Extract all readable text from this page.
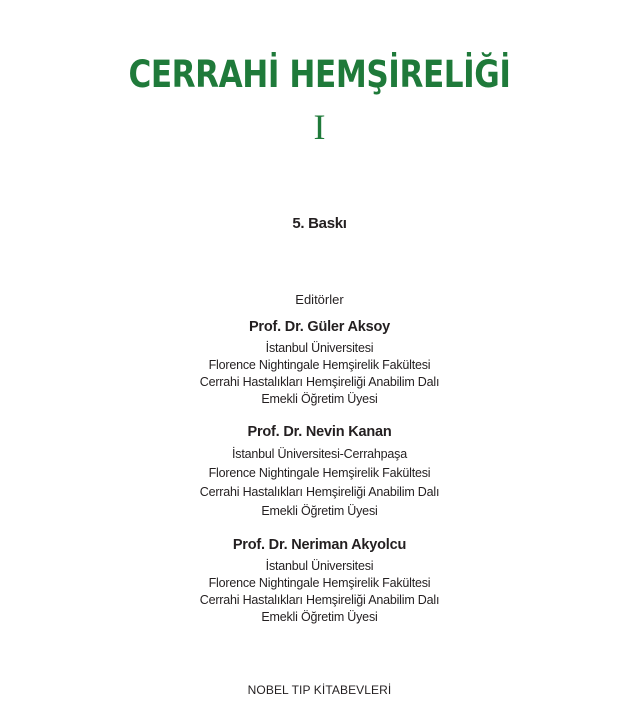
CERRAHİ HEMŞİRELİĞİ
I
5. Baskı
Editörler
Prof. Dr. Güler Aksoy
İstanbul Üniversitesi
Florence Nightingale Hemşirelik Fakültesi
Cerrahi Hastalıkları Hemşireliği Anabilim Dalı
Emekli Öğretim Üyesi
Prof. Dr. Nevin Kanan
İstanbul Üniversitesi-Cerrahpaşa
Florence Nightingale Hemşirelik Fakültesi
Cerrahi Hastalıkları Hemşireliği Anabilim Dalı
Emekli Öğretim Üyesi
Prof. Dr. Neriman Akyolcu
İstanbul Üniversitesi
Florence Nightingale Hemşirelik Fakültesi
Cerrahi Hastalıkları Hemşireliği Anabilim Dalı
Emekli Öğretim Üyesi
NOBEL TIP KİTABEVLERİ
